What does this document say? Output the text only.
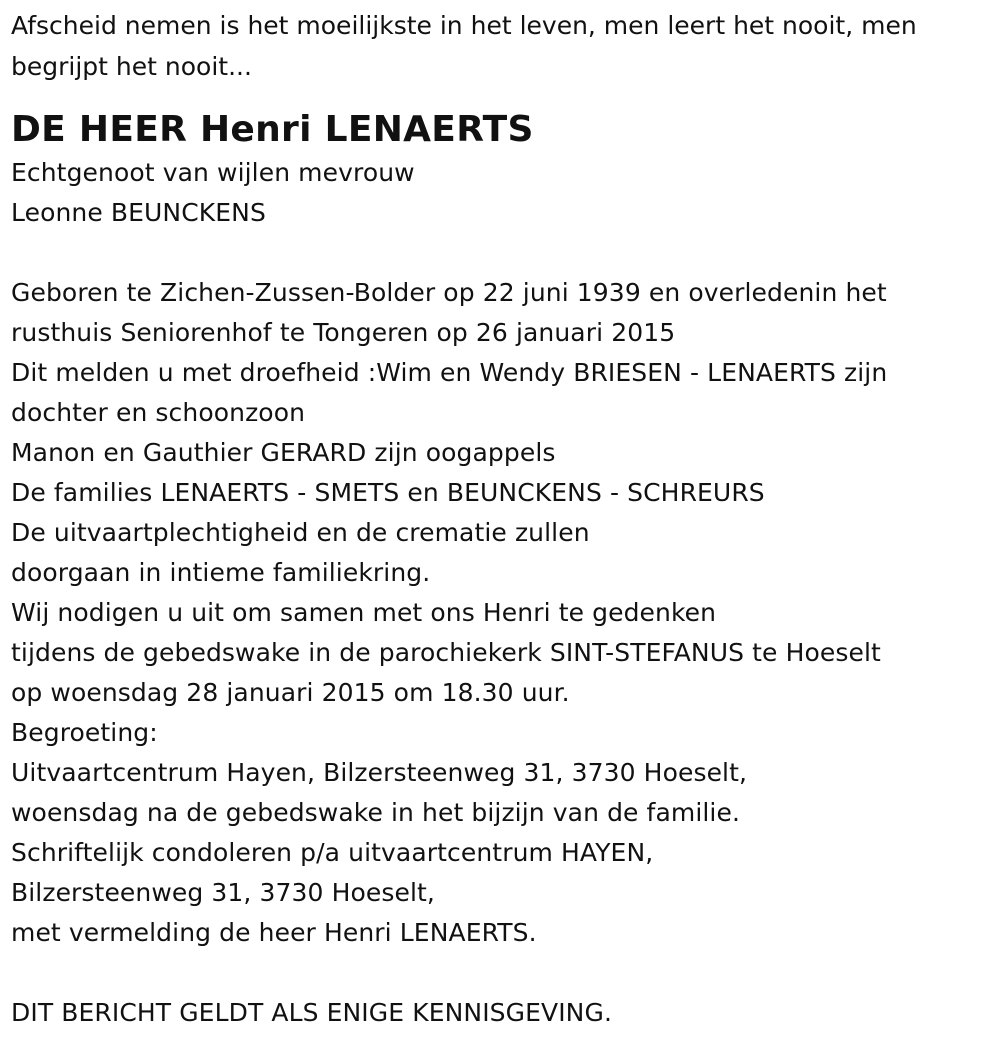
Afscheid nemen is het moeilijkste in het leven, men leert het nooit, men begrijpt het nooit...
DE HEER Henri LENAERTS
Echtgenoot van wijlen mevrouw
Leonne BEUNCKENS
Geboren te Zichen-Zussen-Bolder op 22 juni 1939 en overledenin het
rusthuis Seniorenhof te Tongeren op 26 januari 2015
Dit melden u met droefheid :Wim en Wendy BRIESEN - LENAERTS zijn
dochter en schoonzoon
Manon en Gauthier GERARD zijn oogappels
De families LENAERTS - SMETS en BEUNCKENS - SCHREURS
De uitvaartplechtigheid en de crematie zullen
doorgaan in intieme familiekring.
Wij nodigen u uit om samen met ons Henri te gedenken
tijdens de gebedswake in de parochiekerk SINT-STEFANUS te Hoeselt
op woensdag 28 januari 2015 om 18.30 uur.
Begroeting:
Uitvaartcentrum Hayen, Bilzersteenweg 31, 3730 Hoeselt,
woensdag na de gebedswake in het bijzijn van de familie.
Schriftelijk condoleren p/a uitvaartcentrum HAYEN,
Bilzersteenweg 31, 3730 Hoeselt,
met vermelding de heer Henri LENAERTS.
DIT BERICHT GELDT ALS ENIGE KENNISGEVING.
